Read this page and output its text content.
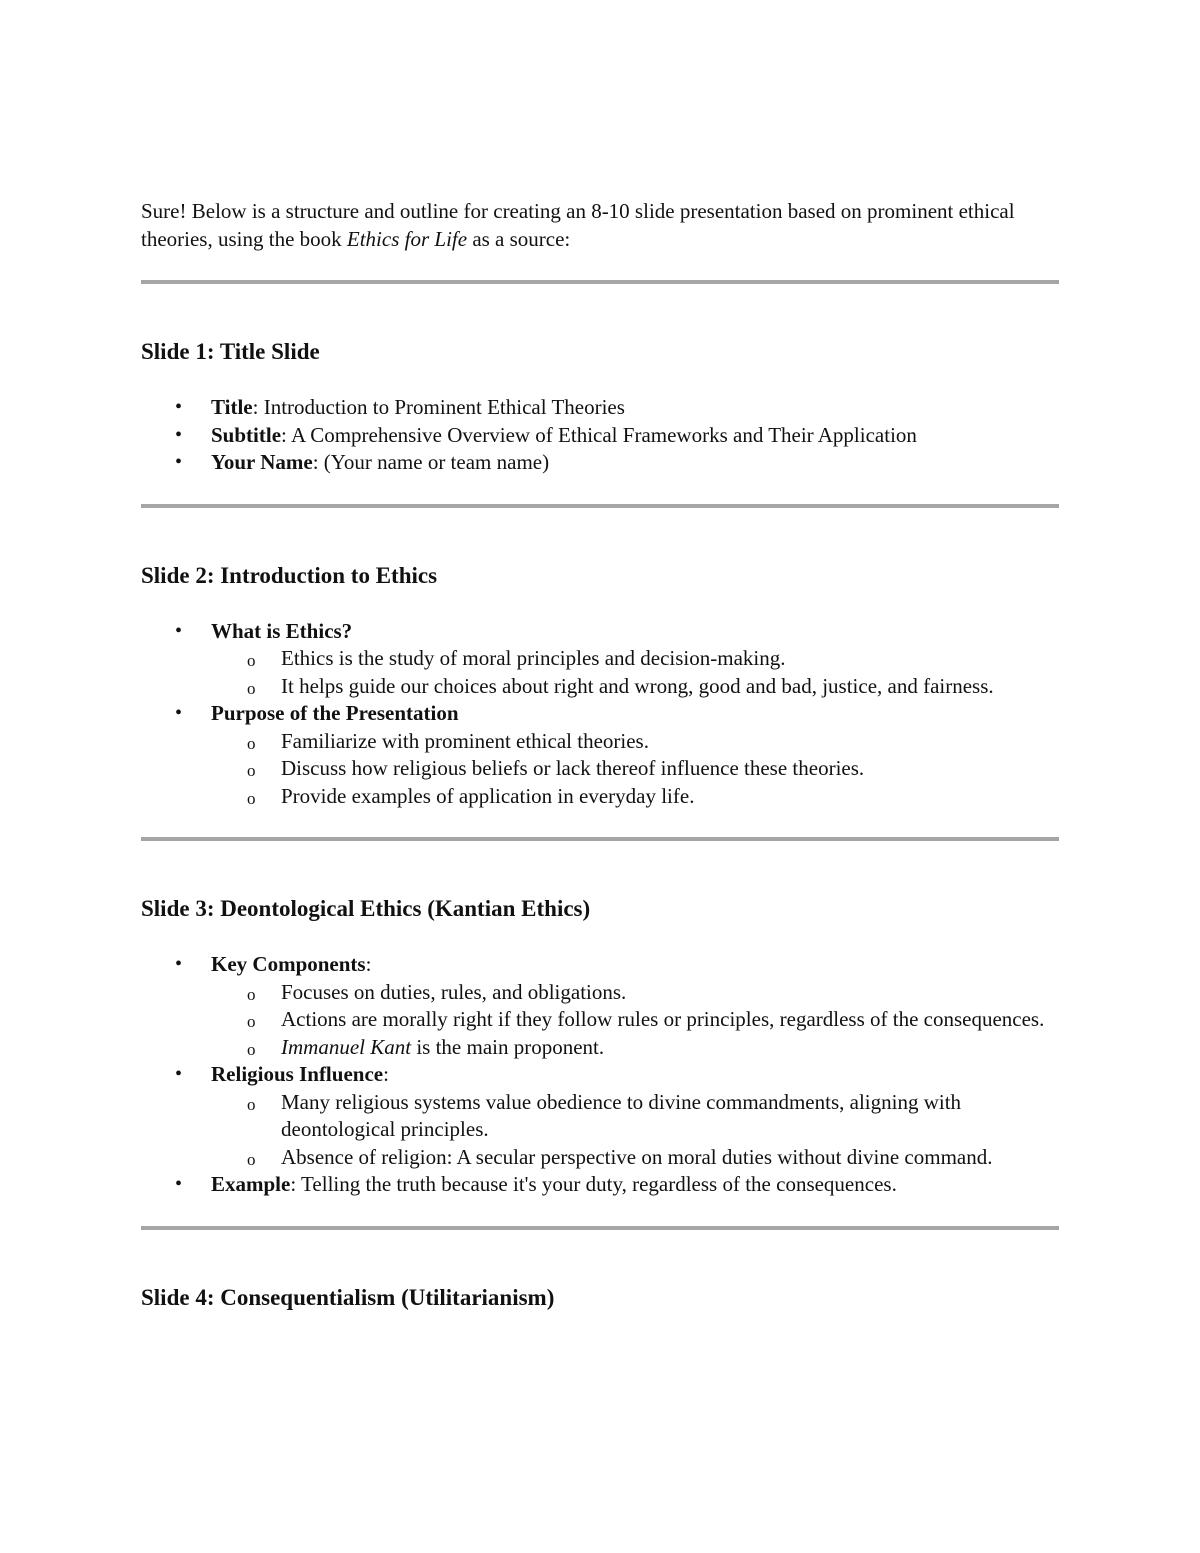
Sure! Below is a structure and outline for creating an 8-10 slide presentation based on prominent ethical theories, using the book Ethics for Life as a source:

Slide 1: Title Slide
• Title: Introduction to Prominent Ethical Theories
• Subtitle: A Comprehensive Overview of Ethical Frameworks and Their Application
• Your Name: (Your name or team name)
Slide 2: Introduction to Ethics
• What is Ethics?
o Ethics is the study of moral principles and decision-making.
o It helps guide our choices about right and wrong, good and bad, justice, and fairness.
• Purpose of the Presentation
o Familiarize with prominent ethical theories.
o Discuss how religious beliefs or lack thereof influence these theories.
o Provide examples of application in everyday life.
Slide 3: Deontological Ethics (Kantian Ethics)
• Key Components:
o Focuses on duties, rules, and obligations.
o Actions are morally right if they follow rules or principles, regardless of the consequences.
o Immanuel Kant is the main proponent.
• Religious Influence:
o Many religious systems value obedience to divine commandments, aligning with deontological principles.
o Absence of religion: A secular perspective on moral duties without divine command.
• Example: Telling the truth because it's your duty, regardless of the consequences.
Slide 4: Consequentialism (Utilitarianism)
